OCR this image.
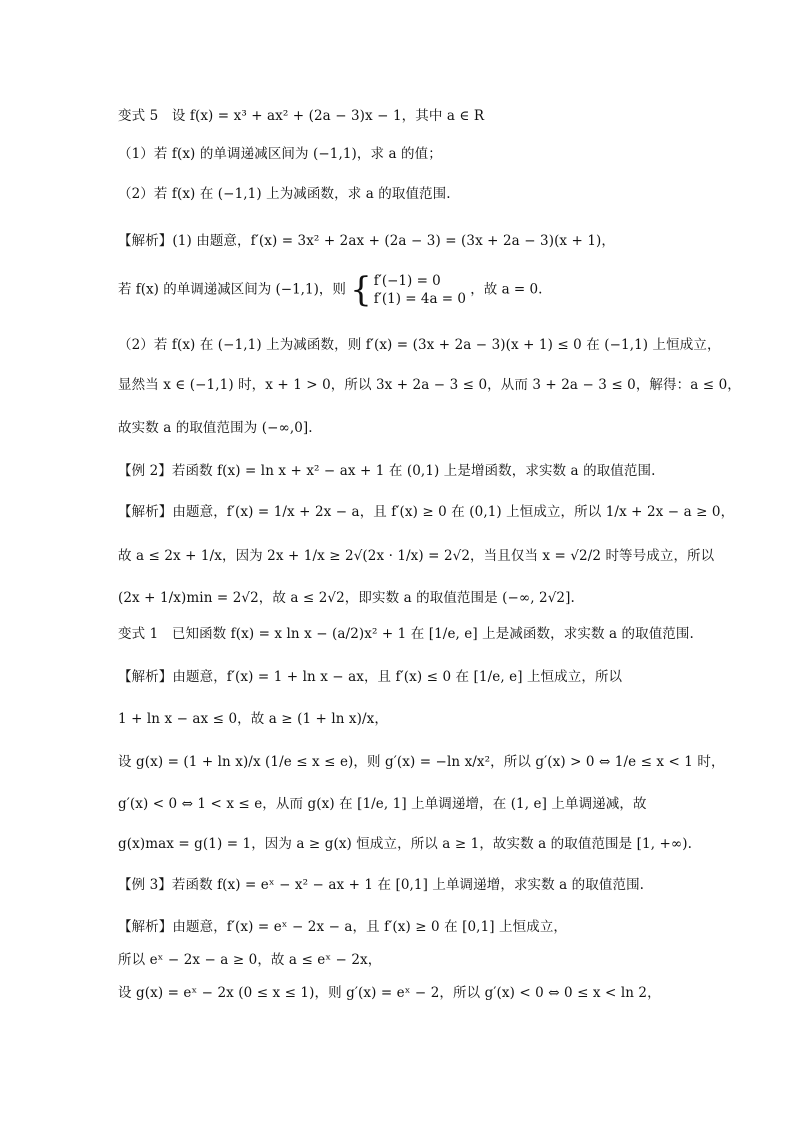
变式 5　设 f(x) = x³ + ax² + (2a − 3)x − 1，其中 a ∈ R
（1）若 f(x) 的单调递减区间为 (−1,1)，求 a 的值；
（2）若 f(x) 在 (−1,1) 上为减函数，求 a 的取值范围.
【解析】(1) 由题意，f′(x) = 3x² + 2ax + (2a − 3) = (3x + 2a − 3)(x + 1)，
若 f(x) 的单调递减区间为 (−1,1)，则 { f′(−1) = 0
f′(1) = 4a = 0
，故 a = 0.
（2）若 f(x) 在 (−1,1) 上为减函数，则 f′(x) = (3x + 2a − 3)(x + 1) ≤ 0 在 (−1,1) 上恒成立，
显然当 x ∈ (−1,1) 时，x + 1 > 0，所以 3x + 2a − 3 ≤ 0，从而 3 + 2a − 3 ≤ 0，解得：a ≤ 0，
故实数 a 的取值范围为 (−∞,0].
【例 2】若函数 f(x) = ln x + x² − ax + 1 在 (0,1) 上是增函数，求实数 a 的取值范围.
【解析】由题意，f′(x) = 1/x + 2x − a，且 f′(x) ≥ 0 在 (0,1) 上恒成立，所以 1/x + 2x − a ≥ 0，
故 a ≤ 2x + 1/x，因为 2x + 1/x ≥ 2√(2x · 1/x) = 2√2，当且仅当 x = √2/2 时等号成立，所以
(2x + 1/x)min = 2√2，故 a ≤ 2√2，即实数 a 的取值范围是 (−∞, 2√2].
变式 1　已知函数 f(x) = x ln x − (a/2)x² + 1 在 [1/e, e] 上是减函数，求实数 a 的取值范围.
【解析】由题意，f′(x) = 1 + ln x − ax，且 f′(x) ≤ 0 在 [1/e, e] 上恒成立，所以
1 + ln x − ax ≤ 0，故 a ≥ (1 + ln x)/x，
设 g(x) = (1 + ln x)/x (1/e ≤ x ≤ e)，则 g′(x) = −ln x/x²，所以 g′(x) > 0 ⇔ 1/e ≤ x < 1 时，
g′(x) < 0 ⇔ 1 < x ≤ e，从而 g(x) 在 [1/e, 1] 上单调递增，在 (1, e] 上单调递减，故
g(x)max = g(1) = 1，因为 a ≥ g(x) 恒成立，所以 a ≥ 1，故实数 a 的取值范围是 [1, +∞).
【例 3】若函数 f(x) = eˣ − x² − ax + 1 在 [0,1] 上单调递增，求实数 a 的取值范围.
【解析】由题意，f′(x) = eˣ − 2x − a，且 f′(x) ≥ 0 在 [0,1] 上恒成立，
所以 eˣ − 2x − a ≥ 0，故 a ≤ eˣ − 2x，
设 g(x) = eˣ − 2x (0 ≤ x ≤ 1)，则 g′(x) = eˣ − 2，所以 g′(x) < 0 ⇔ 0 ≤ x < ln 2，
